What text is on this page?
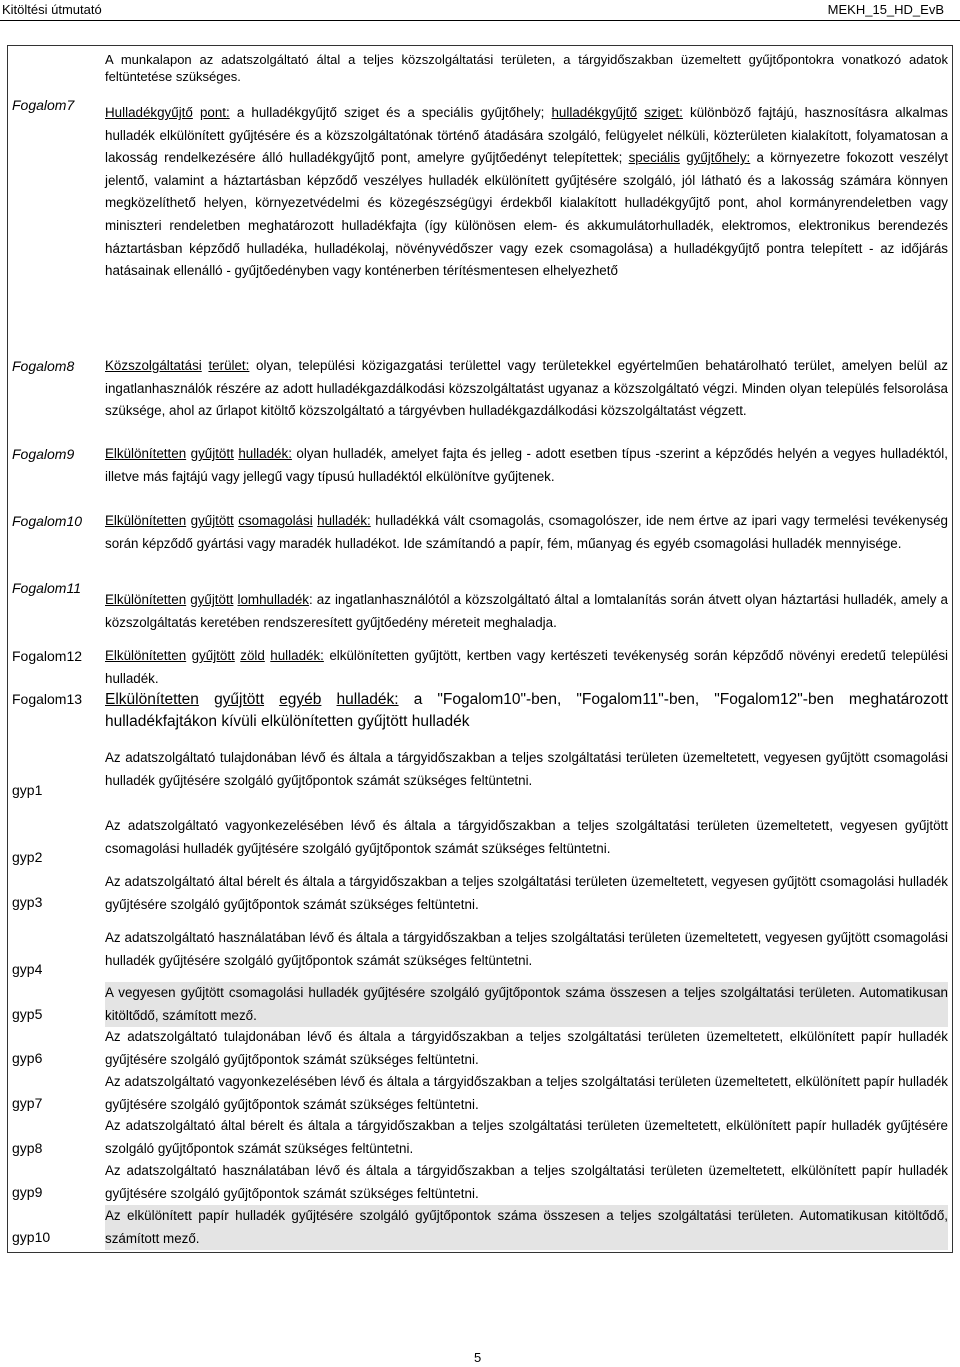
Kitöltési útmutató	MEKH_15_HD_EvB
A munkalapon az adatszolgáltató által a teljes közszolgáltatási területen, a tárgyidőszakban üzemeltett gyűjtőpontokra vonatkozó adatok feltüntetése szükséges.
Fogalom7 Hulladékgyűjtő pont: a hulladékgyűjtő sziget és a speciális gyűjtőhely; hulladékgyűjtő sziget: különböző fajtájú, hasznosításra alkalmas hulladék elkülönített gyűjtésére és a közszolgáltatónak történő átadására szolgáló, felügyelet nélküli, közterületen kialakított, folyamatosan a lakosság rendelkezésére álló hulladékgyűjtő pont, amelyre gyűjtőedényt telepítettek; speciális gyűjtőhely: a környezetre fokozott veszélyt jelentő, valamint a háztartásban képződő veszélyes hulladék elkülönített gyűjtésére szolgáló, jól látható és a lakosság számára könnyen megközelíthető helyen, környezetvédelmi és közegészségügyi érdekből kialakított hulladékgyűjtő pont, ahol kormányrendeletben vagy miniszteri rendeletben meghatározott hulladékfajta (így különösen elem- és akkumulátorhulladék, elektromos, elektronikus berendezés háztartásban képződő hulladéka, hulladékolaj, növényvédőszer vagy ezek csomagolása) a hulladékgyűjtő pontra telepített - az időjárás hatásainak ellenálló - gyűjtőedényben vagy konténerben térítésmentesen elhelyezhető
Fogalom8 Közszolgáltatási terület: olyan, települési közigazgatási területtel vagy területekkel egyértelműen behatárolható terület, amelyen belül az ingatlanhasználók részére az adott hulladékgazdálkodási közszolgáltatást ugyanaz a közszolgáltató végzi. Minden olyan település felsorolása szüksége, ahol az űrlapot kitöltő közszolgáltató a tárgyévben hulladékgazdálkodási közszolgáltatást végzett.
Fogalom9 Elkülönítetten gyűjtött hulladék: olyan hulladék, amelyet fajta és jelleg - adott esetben típus -szerint a képződés helyén a vegyes hulladéktól, illetve más fajtájú vagy jellegű vagy típusú hulladéktól elkülönítve gyűjtenek.
Fogalom10 Elkülönítetten gyűjtött csomagolási hulladék: hulladékká vált csomagolás, csomagolószer, ide nem értve az ipari vagy termelési tevékenység során képződő gyártási vagy maradék hulladékot. Ide számítandó a papír, fém, műanyag és egyéb csomagolási hulladék mennyisége.
Fogalom11
Elkülönítetten gyűjtött lomhulladék: az ingatlanhasználótól a közszolgáltató által a lomtalanítás során átvett olyan háztartási hulladék, amely a közszolgáltatás keretében rendszeresített gyűjtőedény méreteit meghaladja.
Fogalom12 Elkülönítetten gyűjtött zöld hulladék: elkülönítetten gyűjtött, kertben vagy kertészeti tevékenység során képződő növényi eredetű települési hulladék.
Fogalom13 Elkülönítetten gyűjtött egyéb hulladék: a "Fogalom10"-ben, "Fogalom11"-ben, "Fogalom12"-ben meghatározott hulladékfajtákon kívüli elkülönítetten gyűjtött hulladék
gyp1
Az adatszolgáltató tulajdonában lévő és általa a tárgyidőszakban a teljes szolgáltatási területen üzemeltetett, vegyesen gyűjtött csomagolási hulladék gyűjtésére szolgáló gyűjtőpontok számát szükséges feltüntetni.
gyp2
Az adatszolgáltató vagyonkezelésében lévő és általa a tárgyidőszakban a teljes szolgáltatási területen üzemeltetett, vegyesen gyűjtött csomagolási hulladék gyűjtésére szolgáló gyűjtőpontok számát szükséges feltüntetni.
gyp3
Az adatszolgáltató által bérelt és általa a tárgyidőszakban a teljes szolgáltatási területen üzemeltetett, vegyesen gyűjtött csomagolási hulladék gyűjtésére szolgáló gyűjtőpontok számát szükséges feltüntetni.
gyp4
Az adatszolgáltató használatában lévő és általa a tárgyidőszakban a teljes szolgáltatási területen üzemeltetett, vegyesen gyűjtött csomagolási hulladék gyűjtésére szolgáló gyűjtőpontok számát szükséges feltüntetni.
gyp5
A vegyesen gyűjtött csomagolási hulladék gyűjtésére szolgáló gyűjtőpontok száma összesen a teljes szolgáltatási területen. Automatikusan kitöltődő, számított mező.
gyp6
Az adatszolgáltató tulajdonában lévő és általa a tárgyidőszakban a teljes szolgáltatási területen üzemeltetett, elkülönített papír hulladék gyűjtésére szolgáló gyűjtőpontok számát szükséges feltüntetni.
gyp7
Az adatszolgáltató vagyonkezelésében lévő és általa a tárgyidőszakban a teljes szolgáltatási területen üzemeltetett, elkülönített papír hulladék gyűjtésére szolgáló gyűjtőpontok számát szükséges feltüntetni.
gyp8
Az adatszolgáltató által bérelt és általa a tárgyidőszakban a teljes szolgáltatási területen üzemeltetett, elkülönített papír hulladék gyűjtésére szolgáló gyűjtőpontok számát szükséges feltüntetni.
gyp9
Az adatszolgáltató használatában lévő és általa a tárgyidőszakban a teljes szolgáltatási területen üzemeltetett, elkülönített papír hulladék gyűjtésére szolgáló gyűjtőpontok számát szükséges feltüntetni.
gyp10
Az elkülönített papír hulladék gyűjtésére szolgáló gyűjtőpontok száma összesen a teljes szolgáltatási területen. Automatikusan kitöltődő, számított mező.
5
